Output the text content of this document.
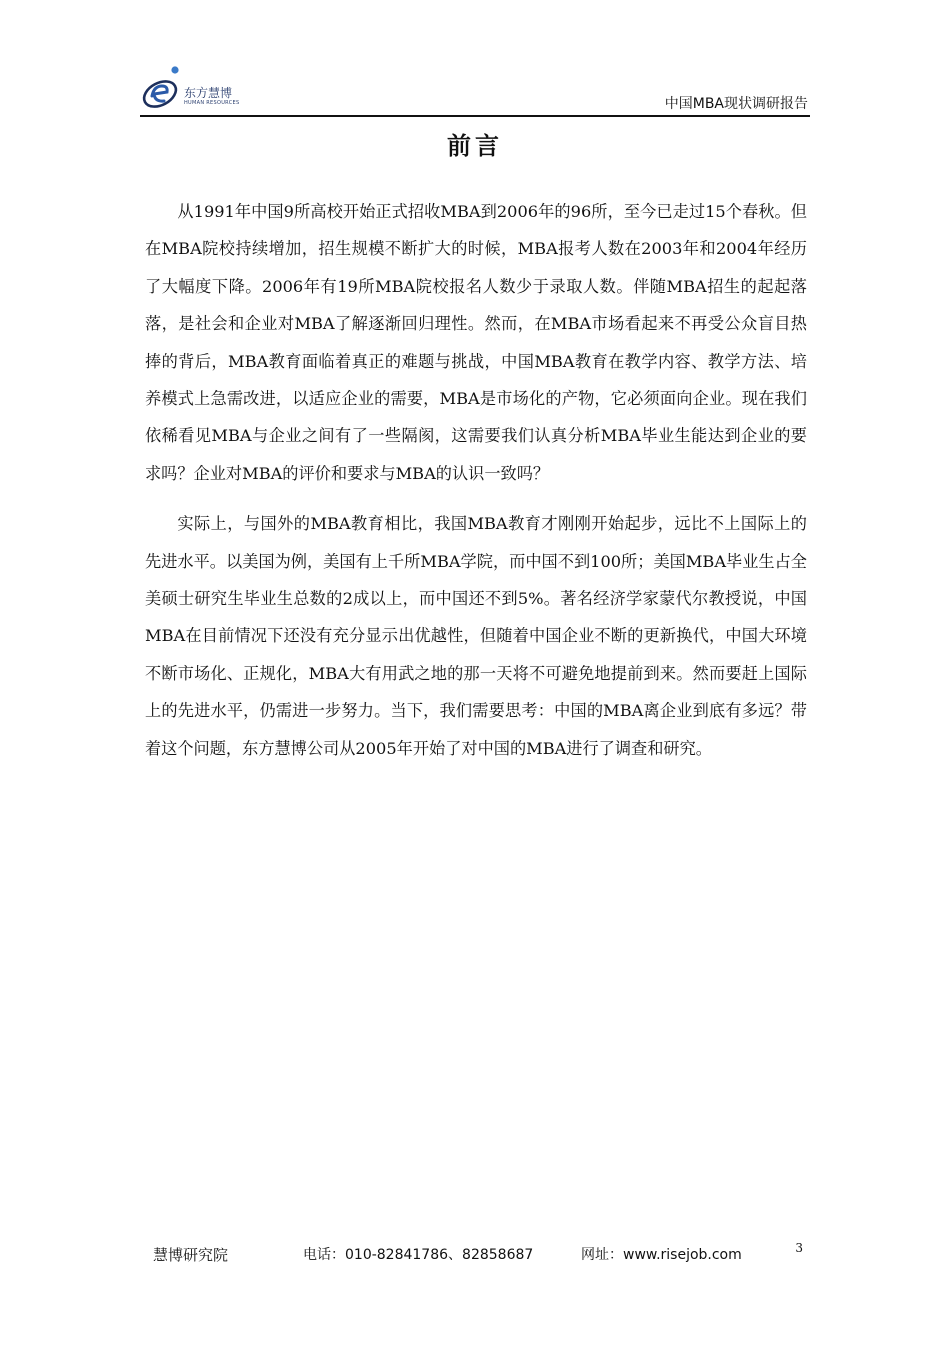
东方慧博
HUMAN RESOURCES	中国MBA现状调研报告
前言

从1991年中国9所高校开始正式招收MBA到2006年的96所，至今已走过15个春秋。但在MBA院校持续增加，招生规模不断扩大的时候，MBA报考人数在2003年和2004年经历了大幅度下降。2006年有19所MBA院校报名人数少于录取人数。伴随MBA招生的起起落落，是社会和企业对MBA了解逐渐回归理性。然而，在MBA市场看起来不再受公众盲目热捧的背后，MBA教育面临着真正的难题与挑战，中国MBA教育在教学内容、教学方法、培养模式上急需改进，以适应企业的需要，MBA是市场化的产物，它必须面向企业。现在我们依稀看见MBA与企业之间有了一些隔阂，这需要我们认真分析MBA毕业生能达到企业的要求吗？企业对MBA的评价和要求与MBA的认识一致吗？

实际上，与国外的MBA教育相比，我国MBA教育才刚刚开始起步，远比不上国际上的先进水平。以美国为例，美国有上千所MBA学院，而中国不到100所；美国MBA毕业生占全美硕士研究生毕业生总数的2成以上，而中国还不到5%。著名经济学家蒙代尔教授说，中国MBA在目前情况下还没有充分显示出优越性，但随着中国企业不断的更新换代，中国大环境不断市场化、正规化，MBA大有用武之地的那一天将不可避免地提前到来。然而要赶上国际上的先进水平，仍需进一步努力。当下，我们需要思考：中国的MBA离企业到底有多远？带着这个问题，东方慧博公司从2005年开始了对中国的MBA进行了调查和研究。

慧博研究院	电话：010-82841786、82858687	网址：www.risejob.com	3
